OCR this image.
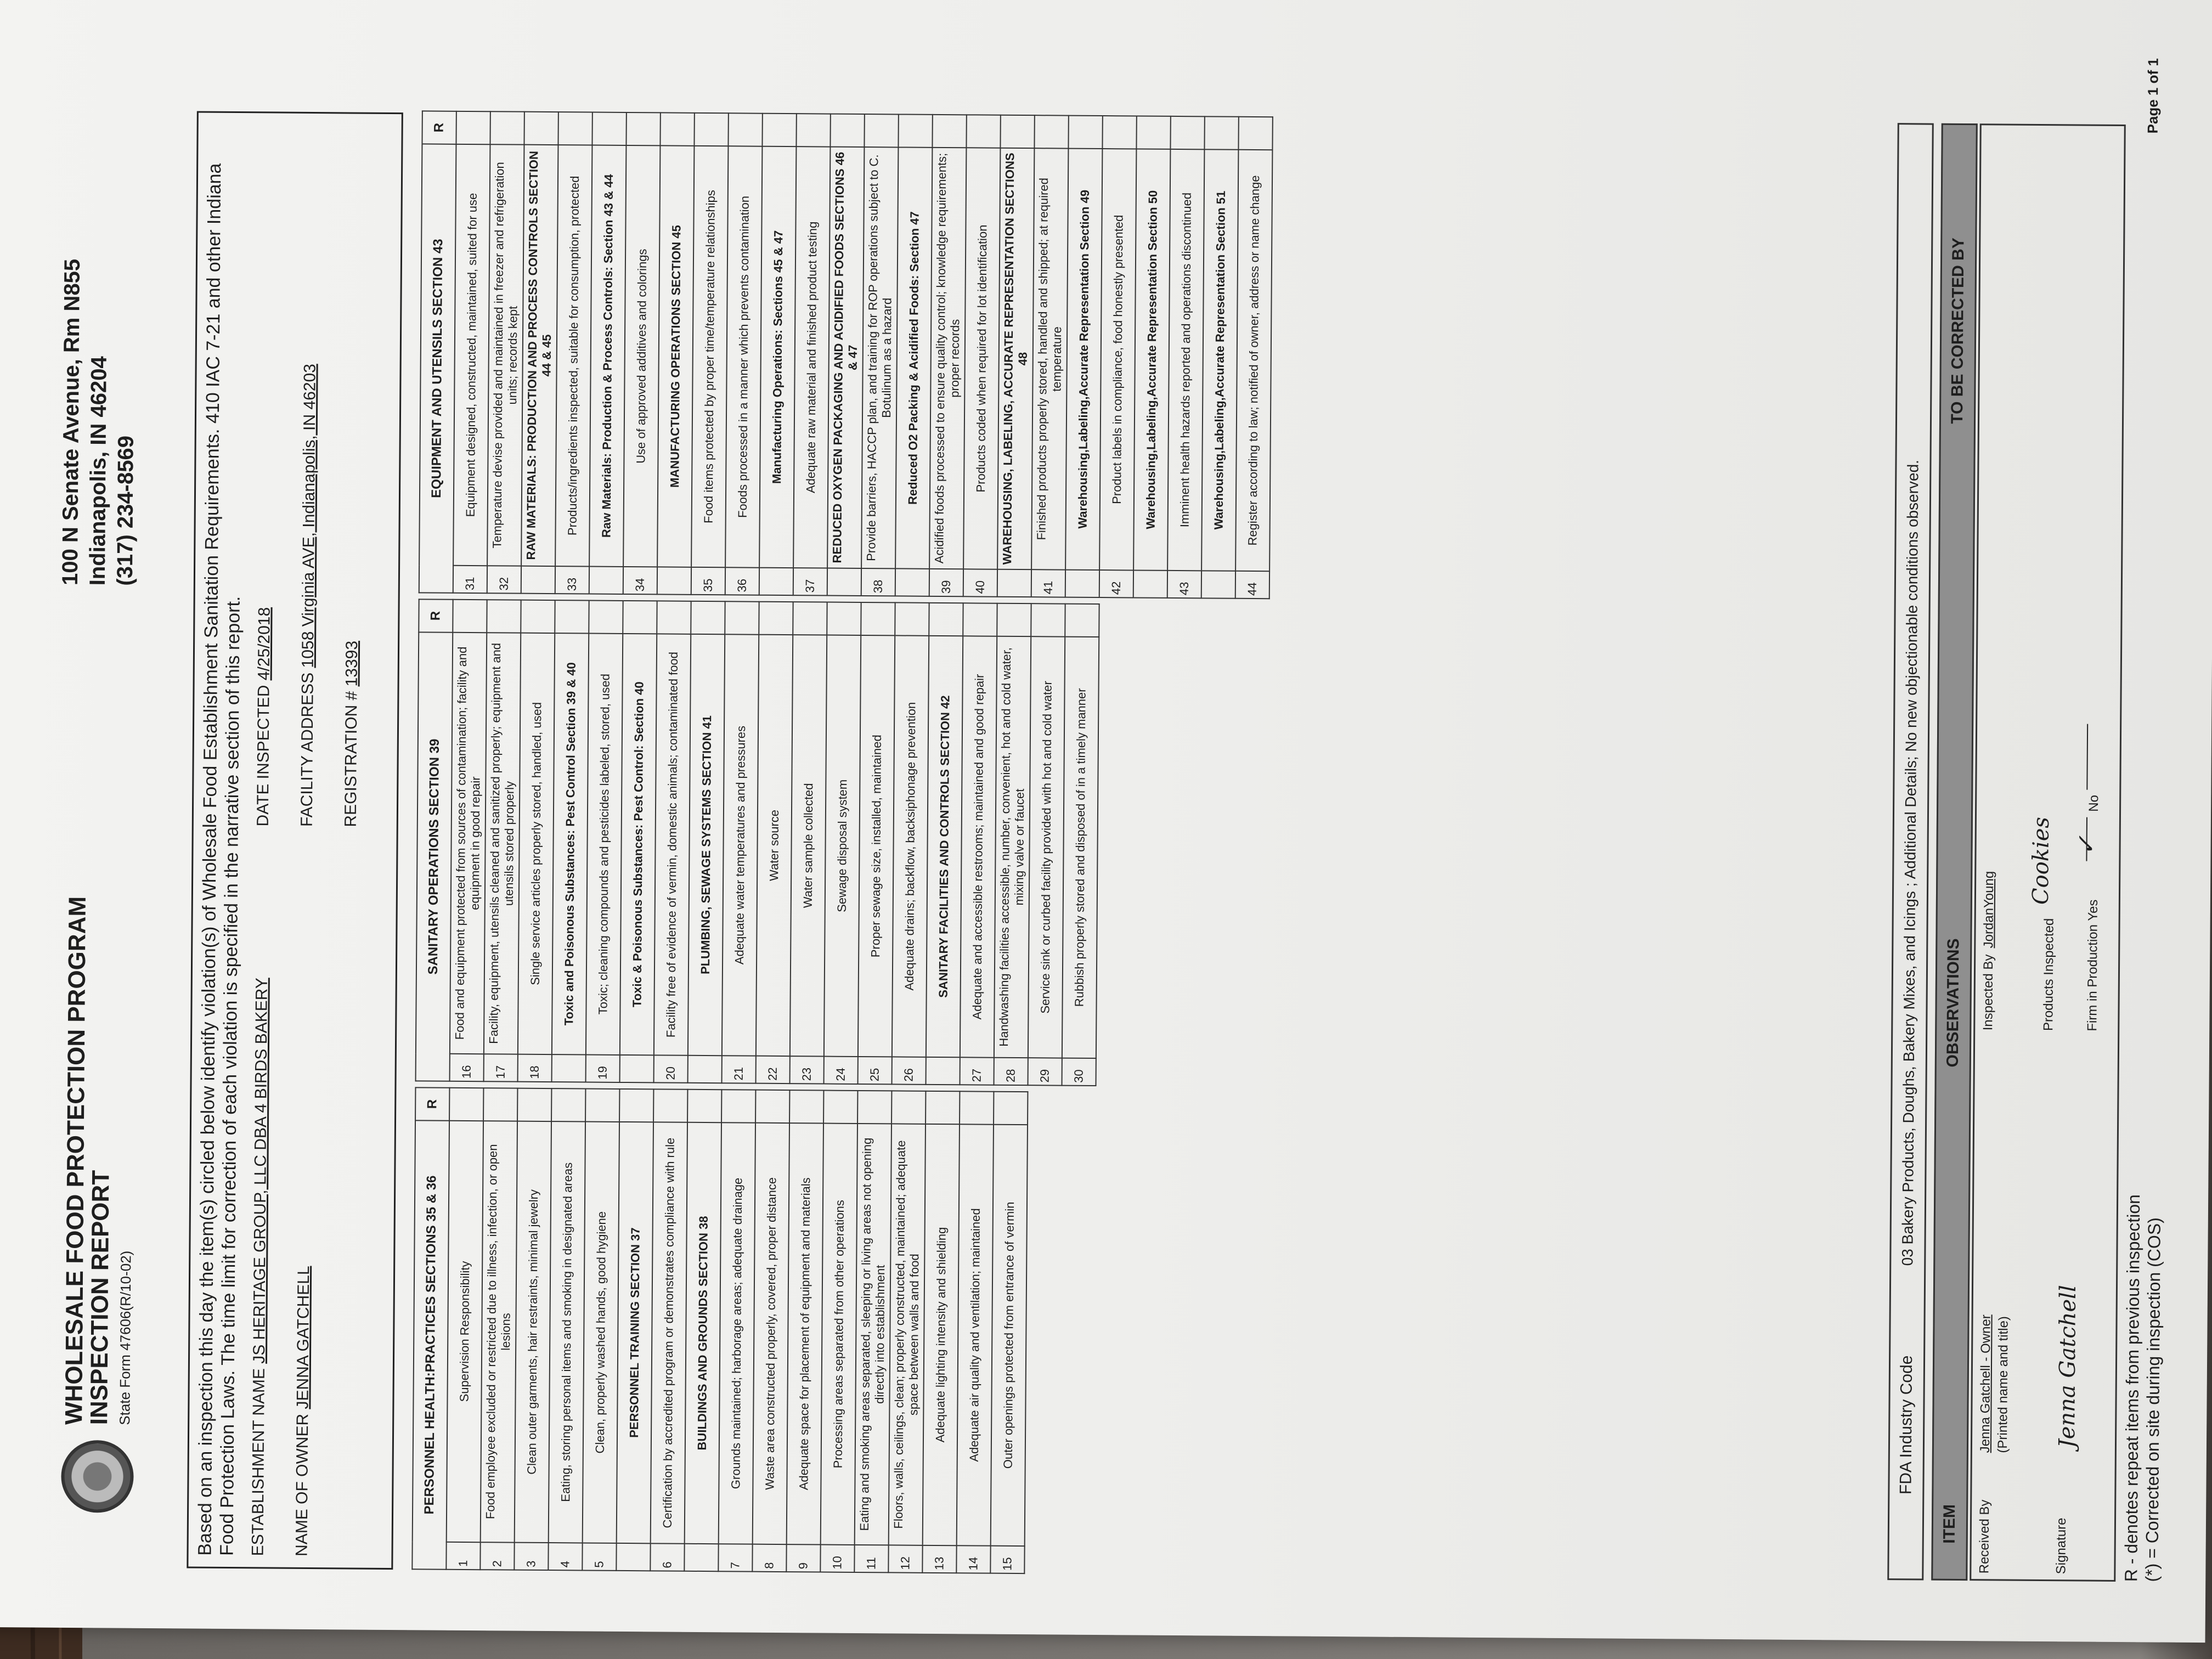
WHOLESALE FOOD PROTECTION PROGRAM
INSPECTION REPORT State Form 47606(R/10-02)
100 N Senate Avenue, Rm N855 Indianapolis, IN 46204 (317) 234-8569	Based on an inspection this day the item(s) circled below identify violation(s) of Wholesale Food Establishment Sanitation Requirements. 410 IAC 7-21 and other Indiana Food Protection Laws. The time limit for correction of each violation is specified in the narrative section of this report. ESTABLISHMENT NAME JS HERITAGE GROUP, LLC DBA 4 BIRDS BAKERY
DATE INSPECTED 4/25/2018
NAME OF OWNER JENNA GATCHELL
FACILITY ADDRESS 1058 Virginia AVE, Indianapolis, IN 46203
REGISTRATION # 13393
PERSONNEL HEALTH:PRACTICES SECTIONS 35 & 36		R
1	Supervision Responsibility	
2	Food employee excluded or restricted due to illness, infection, or open lesions	
3	Clean outer garments, hair restraints, minimal jewelry	
4	Eating, storing personal items and smoking in designated areas	
5	Clean, properly washed hands, good hygiene	
	PERSONNEL TRAINING SECTION 37	
6	Certification by accredited program or demonstrates compliance with rule	
	BUILDINGS AND GROUNDS SECTION 38	
7	Grounds maintained; harborage areas; adequate drainage	
8	Waste area constructed properly, covered, proper distance	
9	Adequate space for placement of equipment and materials	
10	Processing areas separated from other operations	
11	Eating and smoking areas separated, sleeping or living areas not opening directly into establishment	
12	Floors, walls, ceilings, clean; properly constructed, maintained; adequate space between walls and food	
13	Adequate lighting intensity and shielding	
14	Adequate air quality and ventilation; maintained	
15	Outer openings protected from entrance of vermin	
SANITARY OPERATIONS SECTION 39		R
16	Food and equipment protected from sources of contamination; facility and equipment in good repair	
17	Facility, equipment, utensils cleaned and sanitized properly; equipment and utensils stored properly	
18	Single service articles properly stored, handled, used	
	Toxic and Poisonous Substances: Pest Control Section 39 & 40	
19	Toxic; cleaning compounds and pesticides labeled, stored, used	
	Toxic & Poisonous Substances: Pest Control: Section 40	
20	Facility free of evidence of vermin, domestic animals; contaminated food	
	PLUMBING, SEWAGE SYSTEMS SECTION 41	
21	Adequate water temperatures and pressures	
22	Water source	
23	Water sample collected	
24	Sewage disposal system	
25	Proper sewage size, installed, maintained	
26	Adequate drains; backflow, backsiphonage prevention	
	SANITARY FACILITIES AND CONTROLS SECTION 42	
27	Adequate and accessible restrooms; maintained and good repair	
28	Handwashing facilities accessible, number, convenient, hot and cold water, mixing valve or faucet	
29	Service sink or curbed facility provided with hot and cold water	
30	Rubbish properly stored and disposed of in a timely manner	
EQUIPMENT AND UTENSILS SECTION 43		R
31	Equipment designed, constructed, maintained, suited for use	
32	Temperature devise provided and maintained in freezer and refrigeration units; records kept	
	RAW MATERIALS: PRODUCTION AND PROCESS CONTROLS SECTION 44 & 45	
33	Products/ingredients inspected, suitable for consumption, protected	
	Raw Materials: Production & Process Controls: Section 43 & 44	
34	Use of approved additives and colorings	
	MANUFACTURING OPERATIONS SECTION 45	
35	Food items protected by proper time/temperature relationships	
36	Foods processed in a manner which prevents contamination	
	Manufacturing Operations: Sections 45 & 47	
37	Adequate raw material and finished product testing	
	REDUCED OXYGEN PACKAGING AND ACIDIFIED FOODS SECTIONS 46 & 47	
38	Provide barriers, HACCP plan, and training for ROP operations subject to C. Botulinum as a hazard	
	Reduced O2 Packing & Acidified Foods: Section 47	
39	Acidified foods processed to ensure quality control; knowledge requirements; proper records	
40	Products coded when required for lot identification	
	WAREHOUSING, LABELING, ACCURATE REPRESENTATION SECTIONS 48	
41	Finished products properly stored, handled and shipped; at required temperature	
	Warehousing,Labeling,Accurate Representation Section 49	
42	Product labels in compliance, food honestly presented	
	Warehousing,Labeling,Accurate Representation Section 50	
43	Imminent health hazards reported and operations discontinued	
	Warehousing,Labeling,Accurate Representation Section 51	
44	Register according to law; notified of owner, address or name change	
FDA Industry Code
03 Bakery Products, Doughs, Bakery Mixes, and Icings ; Additional Details; No new objectionable conditions observed.
ITEM
OBSERVATIONS
TO BE CORRECTED BY
Received By
Jenna Gatchell - Owner (Printed name and title)
Signature
Jenna Gatchell
Inspected By
JordanYoung
Products Inspected
Cookies
Firm in Production Yes
✓
No
R - denotes repeat items from previous inspection
(*) = Corrected on site during inspection (COS)
Page 1 of 1
